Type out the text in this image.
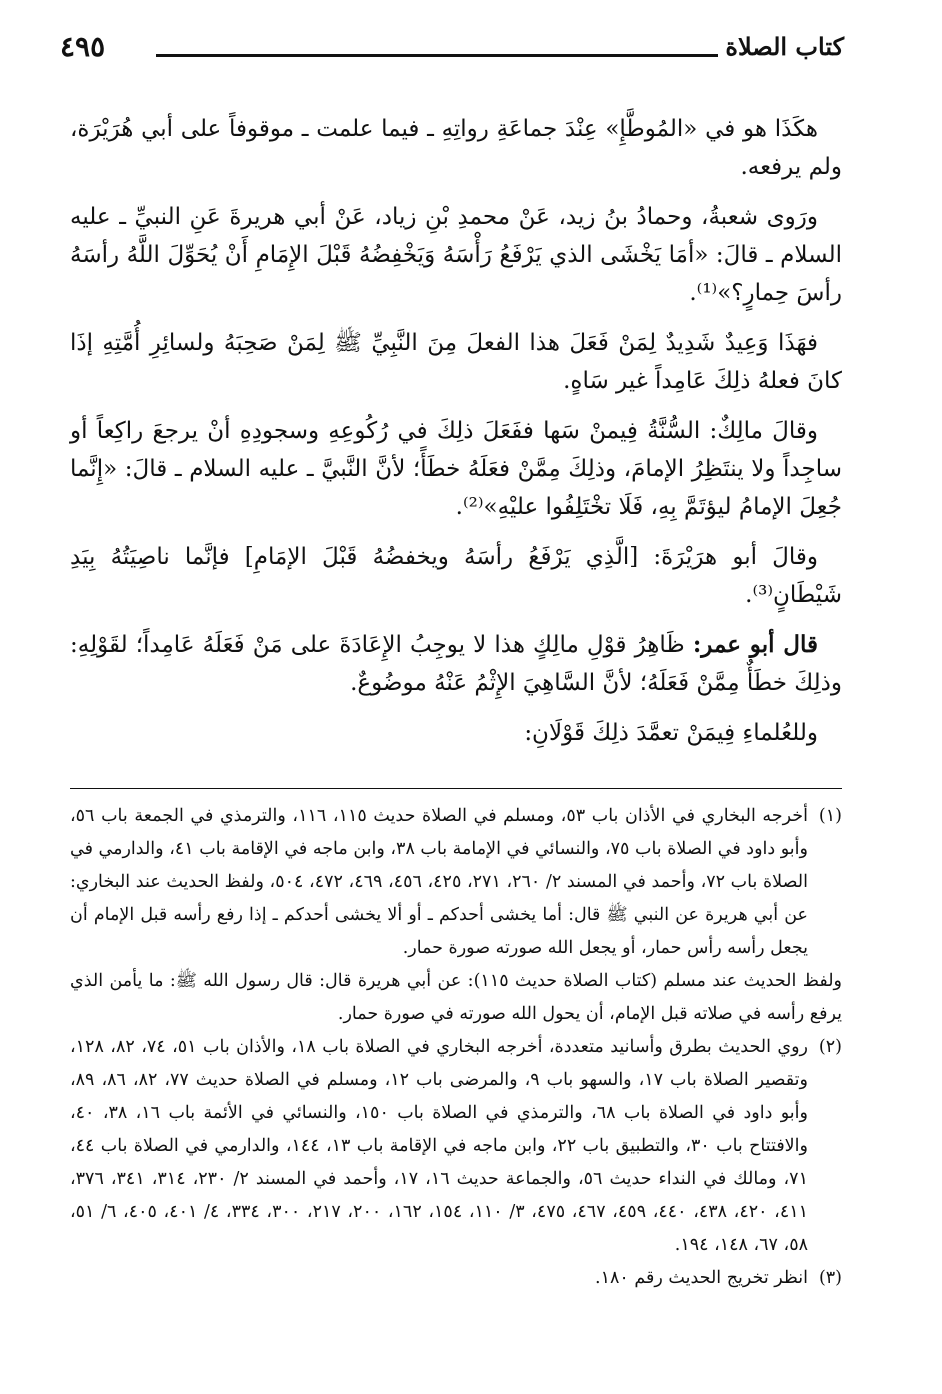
٤٩٥	كتاب الصلاة

هكَذَا هو في «المُوطَّإِ» عِنْدَ جماعَةِ رواتِهِ ـ فيما علمت ـ موقوفاً على أبي هُرَيْرَة، ولم يرفعه.

ورَوى شعبةُ، وحمادُ بنُ زيد، عَنْ محمدِ بْنِ زياد، عَنْ أبي هريرةَ عَنِ النبيِّ ـ عليه السلام ـ قالَ: «أمَا يَخْشَى الذي يَرْفَعُ رَأْسَهُ وَيَخْفِضُهُ قَبْلَ الإِمَامِ أَنْ يُحَوِّلَ اللَّهُ رأسَهُ رأسَ حِمارٍ؟»⁽¹⁾.

فهَذَا وَعِيدٌ شَدِيدٌ لِمَنْ فَعَلَ هذا الفعلَ مِنَ النَّبِيِّ ﷺ لِمَنْ صَحِبَهُ ولسائِرِ أُمَّتِهِ إذَا كانَ فعلهُ ذلِكَ عَامِداً غير سَاهٍ.

وقالَ مالِكٌ: السُّنَّةُ فِيمنْ سَها ففَعَلَ ذلِكَ في رُكُوعِهِ وسجودِهِ أنْ يرجعَ راكِعاً أو ساجِداً ولا ينتَظِرُ الإمامَ، وذلِكَ مِمَّنْ فعَلَهُ خطَأً؛ لأنَّ النَّبيَّ ـ عليه السلام ـ قالَ: «إِنَّما جُعِلَ الإمامُ ليؤتَمَّ بِهِ، فَلَا تخْتَلِفُوا عليْهِ»⁽²⁾.

وقالَ أبو هرَيْرَةَ: [الَّذِي يَرْفَعُ رأسَهُ ويخفضُهُ قَبْلَ الإمَامِ] فإنَّما ناصِيَتُهُ بِيَدِ شَيْطَانٍ⁽³⁾.

قال أبو عمر: ظَاهِرُ قوْلِ مالِكٍ هذا لا يوجِبُ الإِعَادَةَ على مَنْ فَعَلَهُ عَامِداً؛ لقَوْلِهِ: وذلِكَ خطَأٌ مِمَّنْ فَعَلَهُ؛ لأنَّ السَّاهِيَ الإِثْمُ عَنْهُ موضُوعٌ.

وللعُلماءِ فِيمَنْ تعمَّدَ ذلِكَ قَوْلَانِ:

(١)أخرجه البخاري في الأذان باب ٥٣، ومسلم في الصلاة حديث ١١٥، ١١٦، والترمذي في الجمعة باب ٥٦، وأبو داود في الصلاة باب ٧٥، والنسائي في الإمامة باب ٣٨، وابن ماجه في الإقامة باب ٤١، والدارمي في الصلاة باب ٧٢، وأحمد في المسند ٢/ ٢٦٠، ٢٧١، ٤٢٥، ٤٥٦، ٤٦٩، ٤٧٢، ٥٠٤، ولفظ الحديث عند البخاري: عن أبي هريرة عن النبي ﷺ قال: أما يخشى أحدكم ـ أو ألا يخشى أحدكم ـ إذا رفع رأسه قبل الإمام أن يجعل رأسه رأس حمار، أو يجعل الله صورته صورة حمار.

ولفظ الحديث عند مسلم (كتاب الصلاة حديث ١١٥): عن أبي هريرة قال: قال رسول الله ﷺ: ما يأمن الذي يرفع رأسه في صلاته قبل الإمام، أن يحول الله صورته في صورة حمار.

(٢)روي الحديث بطرق وأسانيد متعددة، أخرجه البخاري في الصلاة باب ١٨، والأذان باب ٥١، ٧٤، ٨٢، ١٢٨، وتقصير الصلاة باب ١٧، والسهو باب ٩، والمرضى باب ١٢، ومسلم في الصلاة حديث ٧٧، ٨٢، ٨٦، ٨٩، وأبو داود في الصلاة باب ٦٨، والترمذي في الصلاة باب ١٥٠، والنسائي في الأئمة باب ١٦، ٣٨، ٤٠، والافتتاح باب ٣٠، والتطبيق باب ٢٢، وابن ماجه في الإقامة باب ١٣، ١٤٤، والدارمي في الصلاة باب ٤٤، ٧١، ومالك في النداء حديث ٥٦، والجماعة حديث ١٦، ١٧، وأحمد في المسند ٢/ ٢٣٠، ٣١٤، ٣٤١، ٣٧٦، ٤١١، ٤٢٠، ٤٣٨، ٤٤٠، ٤٥٩، ٤٦٧، ٤٧٥، ٣/ ١١٠، ١٥٤، ١٦٢، ٢٠٠، ٢١٧، ٣٠٠، ٣٣٤، ٤/ ٤٠١، ٤٠٥، ٦/ ٥١، ٥٨، ٦٧، ١٤٨، ١٩٤.

(٣)انظر تخريج الحديث رقم ١٨٠.
